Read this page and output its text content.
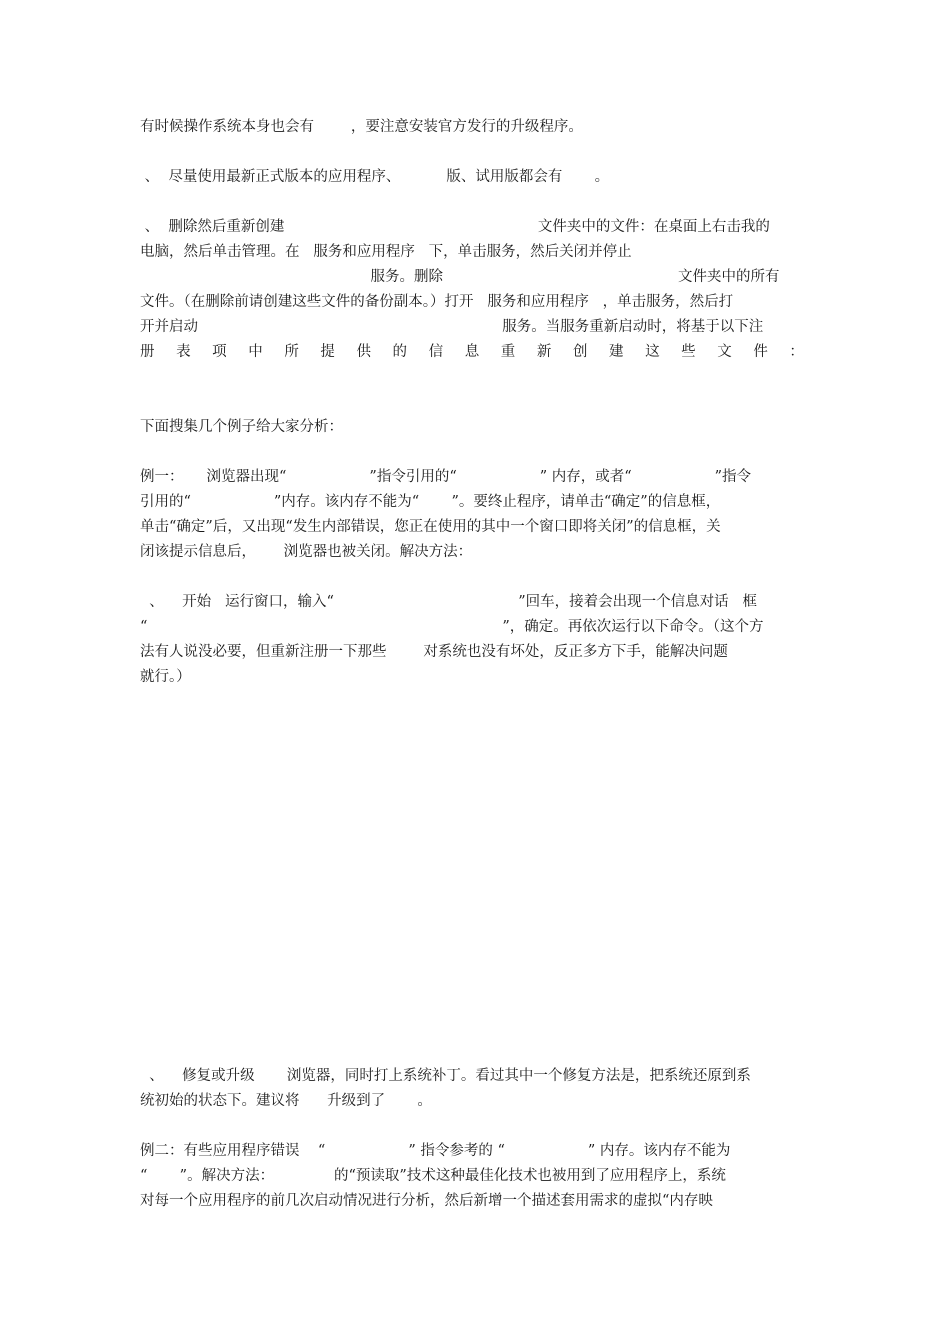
有时候操作系统本身也会有        ，要注意安装官方发行的升级程序。
、  尽量使用最新正式版本的应用程序、          版、试用版都会有       。
、  删除然后重新创建                                                       文件夹中的文件：在桌面上右击我的
电脑，然后单击管理。在   服务和应用程序   下，单击服务，然后关闭并停止
服务。删除                                                   文件夹中的所有
文件。（在删除前请创建这些文件的备份副本。）打开   服务和应用程序   ，单击服务，然后打
开并启动                                                                  服务。当服务重新启动时，将基于以下注
册 表 项 中 所 提 供 的 信 息 重 新 创 建 这 些 文 件 ：
下面搜集几个例子给大家分析：
例一：     浏览器出现“                  ”指令引用的“                  ” 内存，或者“                  ”指令
引用的“                  ”内存。该内存不能为“       ”。要终止程序，请单击“确定”的信息框，
单击“确定”后，又出现“发生内部错误，您正在使用的其中一个窗口即将关闭”的信息框，关
闭该提示信息后，      浏览器也被关闭。解决方法：
、    开始   运行窗口，输入“                                        ”回车，接着会出现一个信息对话   框
“                                                                             ”，确定。再依次运行以下命令。（这个方
法有人说没必要，但重新注册一下那些        对系统也没有坏处，反正多方下手，能解决问题
就行。）
、    修复或升级       浏览器，同时打上系统补丁。看过其中一个修复方法是，把系统还原到系
统初始的状态下。建议将      升级到了       。
例二：有些应用程序错误    “                  ” 指令参考的 “                  ” 内存。该内存不能为
“       ”。解决方法：             的“预读取”技术这种最佳化技术也被用到了应用程序上，系统
对每一个应用程序的前几次启动情况进行分析，然后新增一个描述套用需求的虚拟“内存映
